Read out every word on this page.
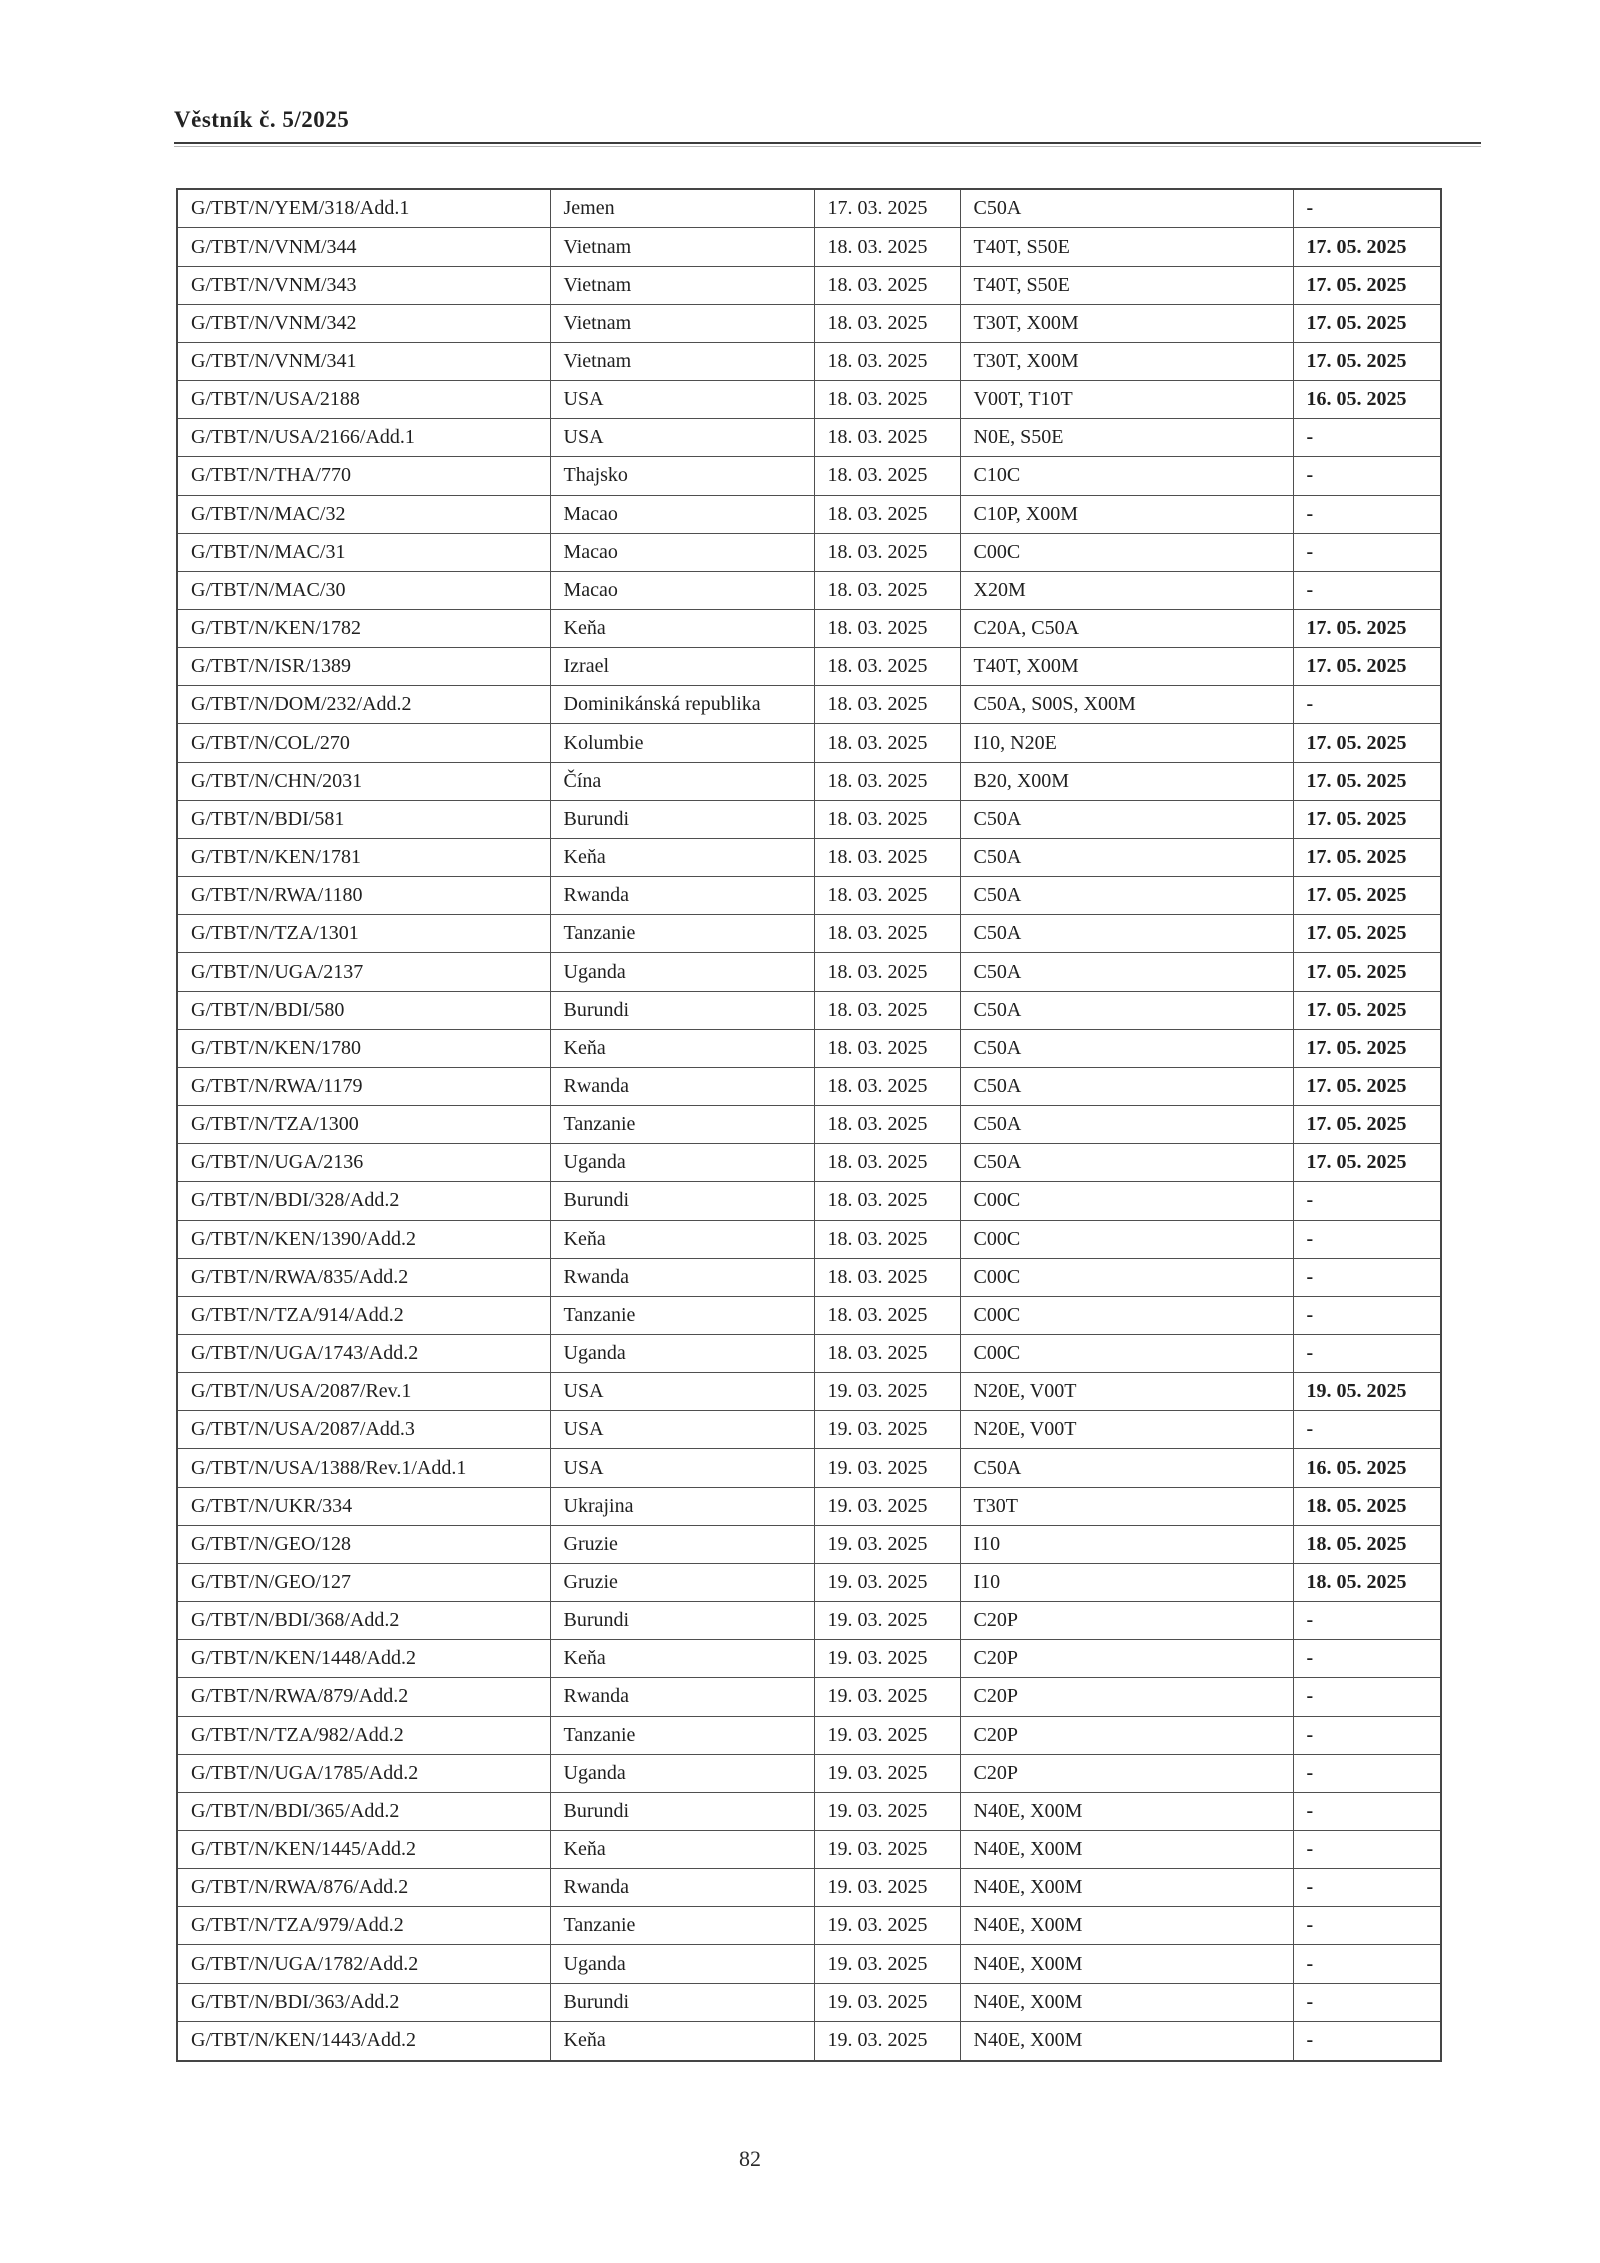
Věstník č. 5/2025
G/TBT/N/YEM/318/Add.1	Jemen	17. 03. 2025	C50A	-
G/TBT/N/VNM/344	Vietnam	18. 03. 2025	T40T, S50E	17. 05. 2025
G/TBT/N/VNM/343	Vietnam	18. 03. 2025	T40T, S50E	17. 05. 2025
G/TBT/N/VNM/342	Vietnam	18. 03. 2025	T30T, X00M	17. 05. 2025
G/TBT/N/VNM/341	Vietnam	18. 03. 2025	T30T, X00M	17. 05. 2025
G/TBT/N/USA/2188	USA	18. 03. 2025	V00T, T10T	16. 05. 2025
G/TBT/N/USA/2166/Add.1	USA	18. 03. 2025	N0E, S50E	-
G/TBT/N/THA/770	Thajsko	18. 03. 2025	C10C	-
G/TBT/N/MAC/32	Macao	18. 03. 2025	C10P, X00M	-
G/TBT/N/MAC/31	Macao	18. 03. 2025	C00C	-
G/TBT/N/MAC/30	Macao	18. 03. 2025	X20M	-
G/TBT/N/KEN/1782	Keňa	18. 03. 2025	C20A, C50A	17. 05. 2025
G/TBT/N/ISR/1389	Izrael	18. 03. 2025	T40T, X00M	17. 05. 2025
G/TBT/N/DOM/232/Add.2	Dominikánská republika	18. 03. 2025	C50A, S00S, X00M	-
G/TBT/N/COL/270	Kolumbie	18. 03. 2025	I10, N20E	17. 05. 2025
G/TBT/N/CHN/2031	Čína	18. 03. 2025	B20, X00M	17. 05. 2025
G/TBT/N/BDI/581	Burundi	18. 03. 2025	C50A	17. 05. 2025
G/TBT/N/KEN/1781	Keňa	18. 03. 2025	C50A	17. 05. 2025
G/TBT/N/RWA/1180	Rwanda	18. 03. 2025	C50A	17. 05. 2025
G/TBT/N/TZA/1301	Tanzanie	18. 03. 2025	C50A	17. 05. 2025
G/TBT/N/UGA/2137	Uganda	18. 03. 2025	C50A	17. 05. 2025
G/TBT/N/BDI/580	Burundi	18. 03. 2025	C50A	17. 05. 2025
G/TBT/N/KEN/1780	Keňa	18. 03. 2025	C50A	17. 05. 2025
G/TBT/N/RWA/1179	Rwanda	18. 03. 2025	C50A	17. 05. 2025
G/TBT/N/TZA/1300	Tanzanie	18. 03. 2025	C50A	17. 05. 2025
G/TBT/N/UGA/2136	Uganda	18. 03. 2025	C50A	17. 05. 2025
G/TBT/N/BDI/328/Add.2	Burundi	18. 03. 2025	C00C	-
G/TBT/N/KEN/1390/Add.2	Keňa	18. 03. 2025	C00C	-
G/TBT/N/RWA/835/Add.2	Rwanda	18. 03. 2025	C00C	-
G/TBT/N/TZA/914/Add.2	Tanzanie	18. 03. 2025	C00C	-
G/TBT/N/UGA/1743/Add.2	Uganda	18. 03. 2025	C00C	-
G/TBT/N/USA/2087/Rev.1	USA	19. 03. 2025	N20E, V00T	19. 05. 2025
G/TBT/N/USA/2087/Add.3	USA	19. 03. 2025	N20E, V00T	-
G/TBT/N/USA/1388/Rev.1/Add.1	USA	19. 03. 2025	C50A	16. 05. 2025
G/TBT/N/UKR/334	Ukrajina	19. 03. 2025	T30T	18. 05. 2025
G/TBT/N/GEO/128	Gruzie	19. 03. 2025	I10	18. 05. 2025
G/TBT/N/GEO/127	Gruzie	19. 03. 2025	I10	18. 05. 2025
G/TBT/N/BDI/368/Add.2	Burundi	19. 03. 2025	C20P	-
G/TBT/N/KEN/1448/Add.2	Keňa	19. 03. 2025	C20P	-
G/TBT/N/RWA/879/Add.2	Rwanda	19. 03. 2025	C20P	-
G/TBT/N/TZA/982/Add.2	Tanzanie	19. 03. 2025	C20P	-
G/TBT/N/UGA/1785/Add.2	Uganda	19. 03. 2025	C20P	-
G/TBT/N/BDI/365/Add.2	Burundi	19. 03. 2025	N40E, X00M	-
G/TBT/N/KEN/1445/Add.2	Keňa	19. 03. 2025	N40E, X00M	-
G/TBT/N/RWA/876/Add.2	Rwanda	19. 03. 2025	N40E, X00M	-
G/TBT/N/TZA/979/Add.2	Tanzanie	19. 03. 2025	N40E, X00M	-
G/TBT/N/UGA/1782/Add.2	Uganda	19. 03. 2025	N40E, X00M	-
G/TBT/N/BDI/363/Add.2	Burundi	19. 03. 2025	N40E, X00M	-
G/TBT/N/KEN/1443/Add.2	Keňa	19. 03. 2025	N40E, X00M	-
82
